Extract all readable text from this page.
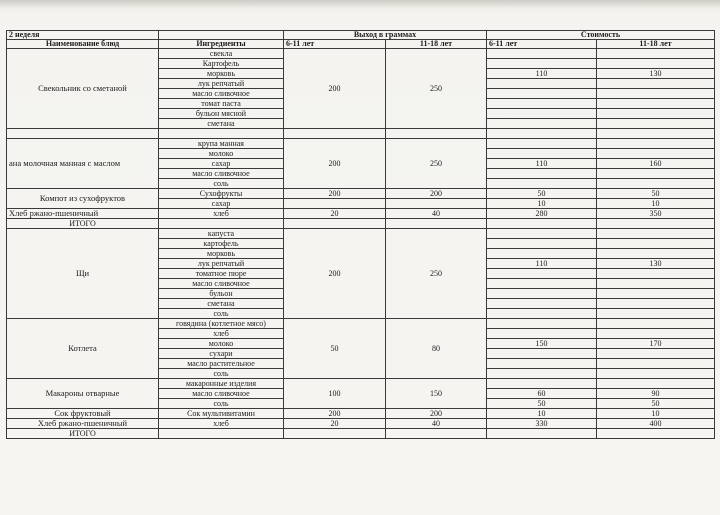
2 неделя		Выход в граммах		Стоимость	
Наименование блюд	Ингредиенты	6-11 лет	11-18 лет	6-11 лет	11-18 лет
Свекольник со сметаной	свекла	200	250		
	Картофель				
	морковь			110	130
	лук репчатый				
	масло сливочное				
	томат паста				
	бульон мясной				
	сметана				

ана молочная манная с маслом	крупа манная	200	250		
	молоко				
	сахар			110	160
	масло сливочное				
	соль				
Компот из сухофруктов	Сухофрукты	200	200	50	50
	сахар			10	10
Хлеб ржано-пшеничный	хлеб	20	40	280	350
ИТОГО					
Щи	капуста	200	250		
	картофель				
	морковь				
	лук репчатый			110	130
	томатное пюре				
	масло сливочное				
	бульон				
	сметана				
	соль				
Котлета	говядина (котлетное мясо)	50	80		
	хлеб				
	молоко			150	170
	сухари				
	масло растительное				
	соль				
Макароны отварные	макаронные изделия	100	150		
	масло сливочное			60	90
	соль			50	50
Сок фруктовый	Сок мультивитамин	200	200	10	10
Хлеб ржано-пшеничный	хлеб	20	40	330	400
ИТОГО					
